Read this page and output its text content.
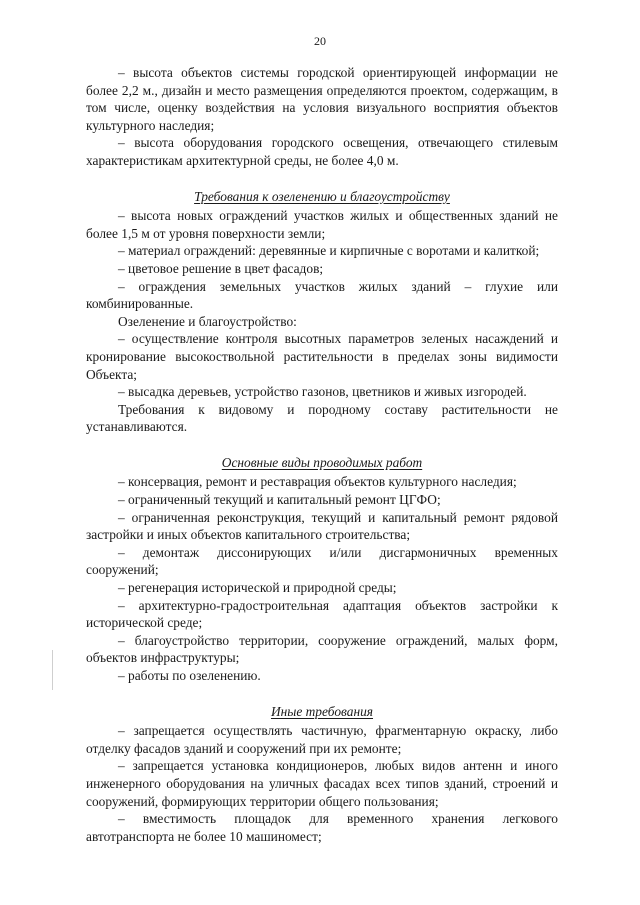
20

– высота объектов системы городской ориентирующей информации не более 2,2 м., дизайн и место размещения определяются проектом, содержащим, в том числе, оценку воздействия на условия визуального восприятия объектов культурного наследия;

– высота оборудования городского освещения, отвечающего стилевым характеристикам архитектурной среды, не более 4,0 м.

Требования к озеленению и благоустройству

– высота новых ограждений участков жилых и общественных зданий не более 1,5 м от уровня поверхности земли;

– материал ограждений: деревянные и кирпичные с воротами и калиткой;

– цветовое решение в цвет фасадов;

– ограждения земельных участков жилых зданий – глухие или комбинированные.

Озеленение и благоустройство:

– осуществление контроля высотных параметров зеленых насаждений и кронирование высокоствольной растительности в пределах зоны видимости Объекта;

– высадка деревьев, устройство газонов, цветников и живых изгородей.

Требования к видовому и породному составу растительности не устанавливаются.

Основные виды проводимых работ

– консервация, ремонт и реставрация объектов культурного наследия;

– ограниченный текущий и капитальный ремонт ЦГФО;

– ограниченная реконструкция, текущий и капитальный ремонт рядовой застройки и иных объектов капитального строительства;

– демонтаж диссонирующих и/или дисгармоничных временных сооружений;

– регенерация исторической и природной среды;

– архитектурно-градостроительная адаптация объектов застройки к исторической среде;

– благоустройство территории, сооружение ограждений, малых форм, объектов инфраструктуры;

– работы по озеленению.

Иные требования

– запрещается осуществлять частичную, фрагментарную окраску, либо отделку фасадов зданий и сооружений при их ремонте;

– запрещается установка кондиционеров, любых видов антенн и иного инженерного оборудования на уличных фасадах всех типов зданий, строений и сооружений, формирующих территории общего пользования;

– вместимость площадок для временного хранения легкового автотранспорта не более 10 машиномест;
